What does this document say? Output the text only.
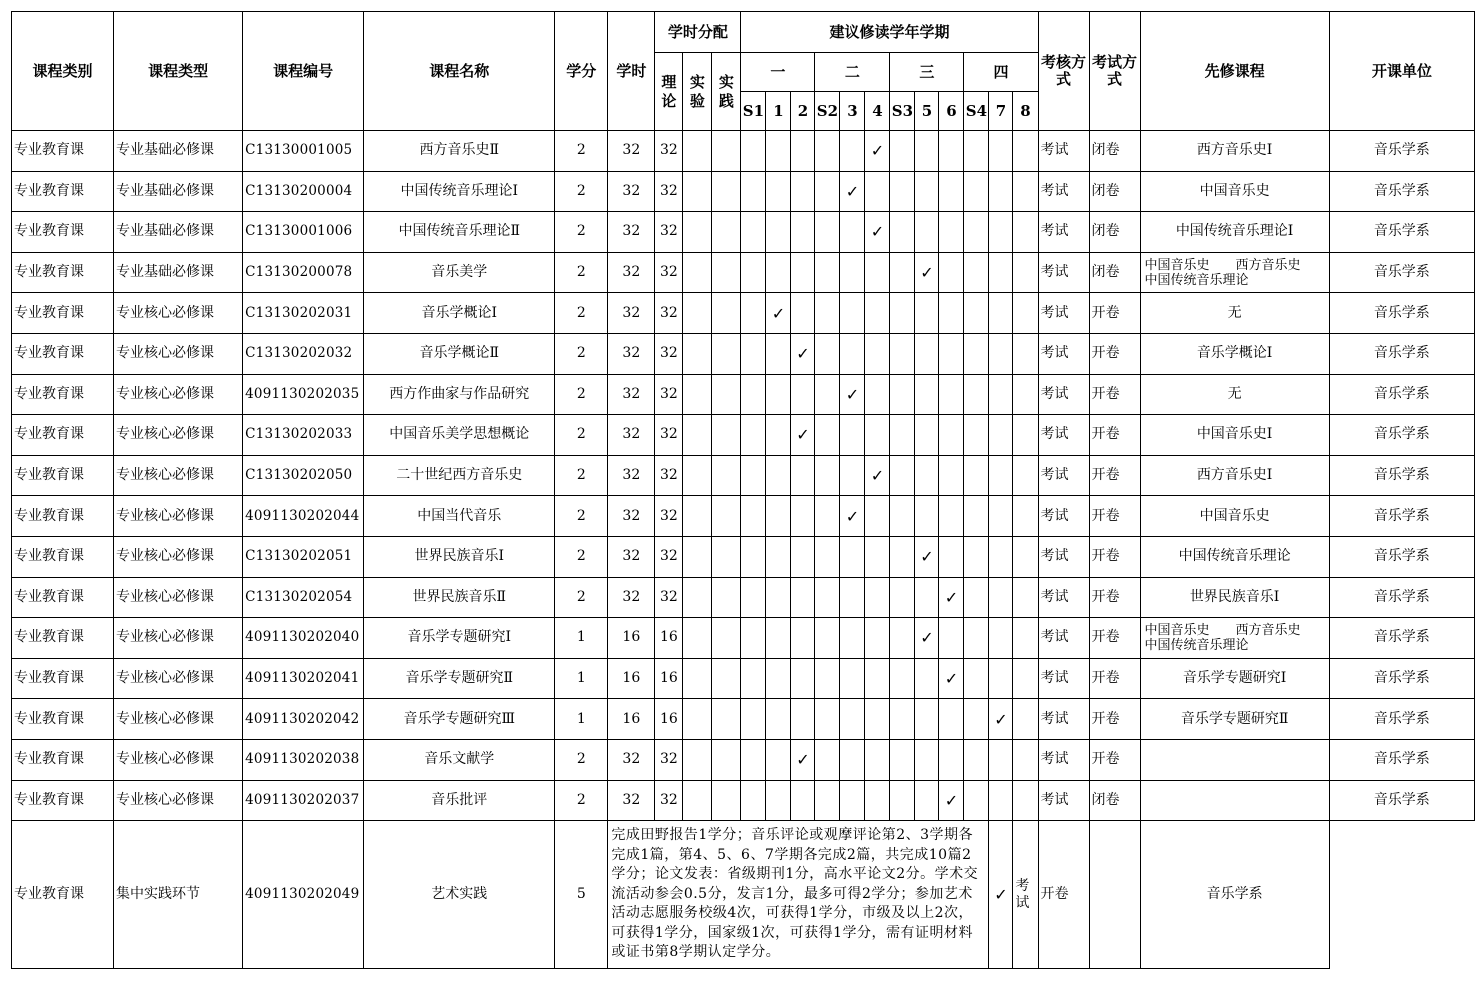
课程类别	课程类型	课程编号	课程名称	学分	学时	学时分配			建议修读学年学期												考核方式	考试方式	先修课程	开课单位
						理论	实验	实践	一			二			三			四						
									S1	1	2	S2	3	4	S3	5	6	S4	7	8				
专业教育课	专业基础必修课	C13130001005	西方音乐史Ⅱ	2	32	32								✓							考试	闭卷	西方音乐史Ⅰ	音乐学系
专业教育课	专业基础必修课	C13130200004	中国传统音乐理论Ⅰ	2	32	32							✓								考试	闭卷	中国音乐史	音乐学系
专业教育课	专业基础必修课	C13130001006	中国传统音乐理论Ⅱ	2	32	32								✓							考试	闭卷	中国传统音乐理论Ⅰ	音乐学系
专业教育课	专业基础必修课	C13130200078	音乐美学	2	32	32										✓					考试	闭卷	中国音乐史　　西方音乐史　　中国传统音乐理论	音乐学系
专业教育课	专业核心必修课	C13130202031	音乐学概论Ⅰ	2	32	32				✓											考试	开卷	无	音乐学系
专业教育课	专业核心必修课	C13130202032	音乐学概论Ⅱ	2	32	32					✓										考试	开卷	音乐学概论Ⅰ	音乐学系
专业教育课	专业核心必修课	4091130202035	西方作曲家与作品研究	2	32	32							✓								考试	开卷	无	音乐学系
专业教育课	专业核心必修课	C13130202033	中国音乐美学思想概论	2	32	32					✓										考试	开卷	中国音乐史Ⅰ	音乐学系
专业教育课	专业核心必修课	C13130202050	二十世纪西方音乐史	2	32	32								✓							考试	开卷	西方音乐史Ⅰ	音乐学系
专业教育课	专业核心必修课	4091130202044	中国当代音乐	2	32	32							✓								考试	开卷	中国音乐史	音乐学系
专业教育课	专业核心必修课	C13130202051	世界民族音乐Ⅰ	2	32	32										✓					考试	开卷	中国传统音乐理论	音乐学系
专业教育课	专业核心必修课	C13130202054	世界民族音乐Ⅱ	2	32	32											✓				考试	开卷	世界民族音乐Ⅰ	音乐学系
专业教育课	专业核心必修课	4091130202040	音乐学专题研究Ⅰ	1	16	16										✓					考试	开卷	中国音乐史　　西方音乐史　　中国传统音乐理论	音乐学系
专业教育课	专业核心必修课	4091130202041	音乐学专题研究Ⅱ	1	16	16											✓				考试	开卷	音乐学专题研究Ⅰ	音乐学系
专业教育课	专业核心必修课	4091130202042	音乐学专题研究Ⅲ	1	16	16													✓		考试	开卷	音乐学专题研究Ⅱ	音乐学系
专业教育课	专业核心必修课	4091130202038	音乐文献学	2	32	32					✓										考试	开卷		音乐学系
专业教育课	专业核心必修课	4091130202037	音乐批评	2	32	32											✓				考试	闭卷		音乐学系
专业教育课	集中实践环节	4091130202049	艺术实践	5	完成田野报告1学分；音乐评论或观摩评论第2、3学期各完成1篇，第4、5、6、7学期各完成2篇，共完成10篇2学分；论文发表：省级期刊1分，高水平论文2分。学术交流活动参会0.5分，发言1分，最多可得2学分；参加艺术活动志愿服务校级4次，可获得1学分，市级及以上2次，可获得1学分，国家级1次，可获得1学分，需有证明材料或证书第8学期认定学分。														✓	考试	开卷		音乐学系	
